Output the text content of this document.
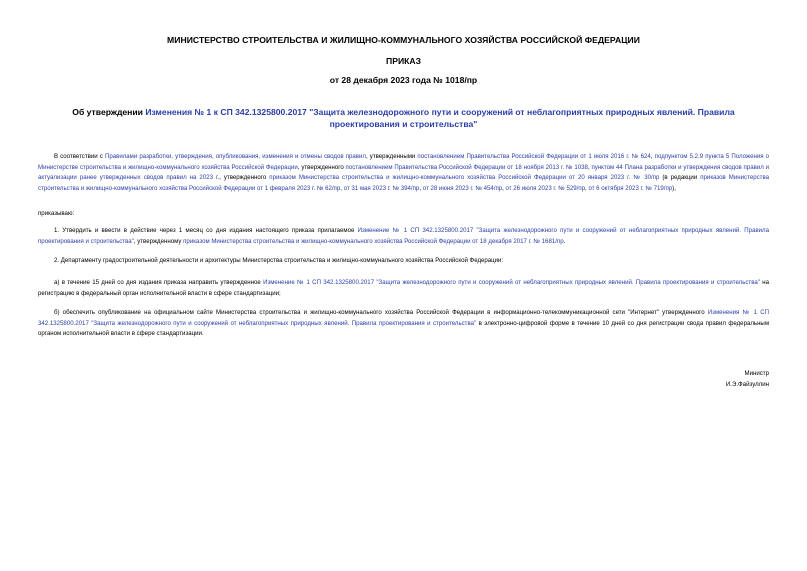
МИНИСТЕРСТВО СТРОИТЕЛЬСТВА И ЖИЛИЩНО-КОММУНАЛЬНОГО ХОЗЯЙСТВА РОССИЙСКОЙ ФЕДЕРАЦИИ
ПРИКАЗ
от 28 декабря 2023 года № 1018/пр
Об утверждении Изменения № 1 к СП 342.1325800.2017 "Защита железнодорожного пути и сооружений от неблагоприятных природных явлений. Правила проектирования и строительства"
В соответствии с Правилами разработки, утверждения, опубликования, изменения и отмены сводов правил, утвержденными постановлением Правительства Российской Федерации от 1 июля 2016 г. № 624, подпунктом 5.2.9 пункта 5 Положения о Министерстве строительства и жилищно-коммунального хозяйства Российской Федерации, утвержденного постановлением Правительства Российской Федерации от 18 ноября 2013 г. № 1038, пунктом 44 Плана разработки и утверждения сводов правил и актуализации ранее утвержденных сводов правил на 2023 г., утвержденного приказом Министерства строительства и жилищно-коммунального хозяйства Российской Федерации от 20 января 2023 г. № 30/пр (в редакции приказов Министерства строительства и жилищно-коммунального хозяйства Российской Федерации от 1 февраля 2023 г. № 62/пр, от 31 мая 2023 г. № 394/пр, от 28 июня 2023 г. № 454/пр, от 26 июля 2023 г. № 529/пр, от 6 октября 2023 г. № 719/пр),
приказываю:
1. Утвердить и ввести в действие через 1 месяц со дня издания настоящего приказа прилагаемое Изменение № 1 СП 342.1325800.2017 "Защита железнодорожного пути и сооружений от неблагоприятных природных явлений. Правила проектирования и строительства", утвержденному приказом Министерства строительства и жилищно-коммунального хозяйства Российской Федерации от 18 декабря 2017 г. № 1681/пр.
2. Департаменту градостроительной деятельности и архитектуры Министерства строительства и жилищно-коммунального хозяйства Российской Федерации:
а) в течение 15 дней со дня издания приказа направить утвержденное Изменение № 1 СП 342.1325800.2017 "Защита железнодорожного пути и сооружений от неблагоприятных природных явлений. Правила проектирования и строительства" на регистрацию в федеральный орган исполнительной власти в сфере стандартизации;
б) обеспечить опубликование на официальном сайте Министерства строительства и жилищно-коммунального хозяйства Российской Федерации в информационно-телекоммуникационной сети "Интернет" утвержденного Изменения № 1 СП 342.1325800.2017 "Защита железнодорожного пути и сооружений от неблагоприятных природных явлений. Правила проектирования и строительства" в электронно-цифровой форме в течение 10 дней со дня регистрации свода правил федеральным органом исполнительной власти в сфере стандартизации.
Министр
И.Э.Файзуллин
